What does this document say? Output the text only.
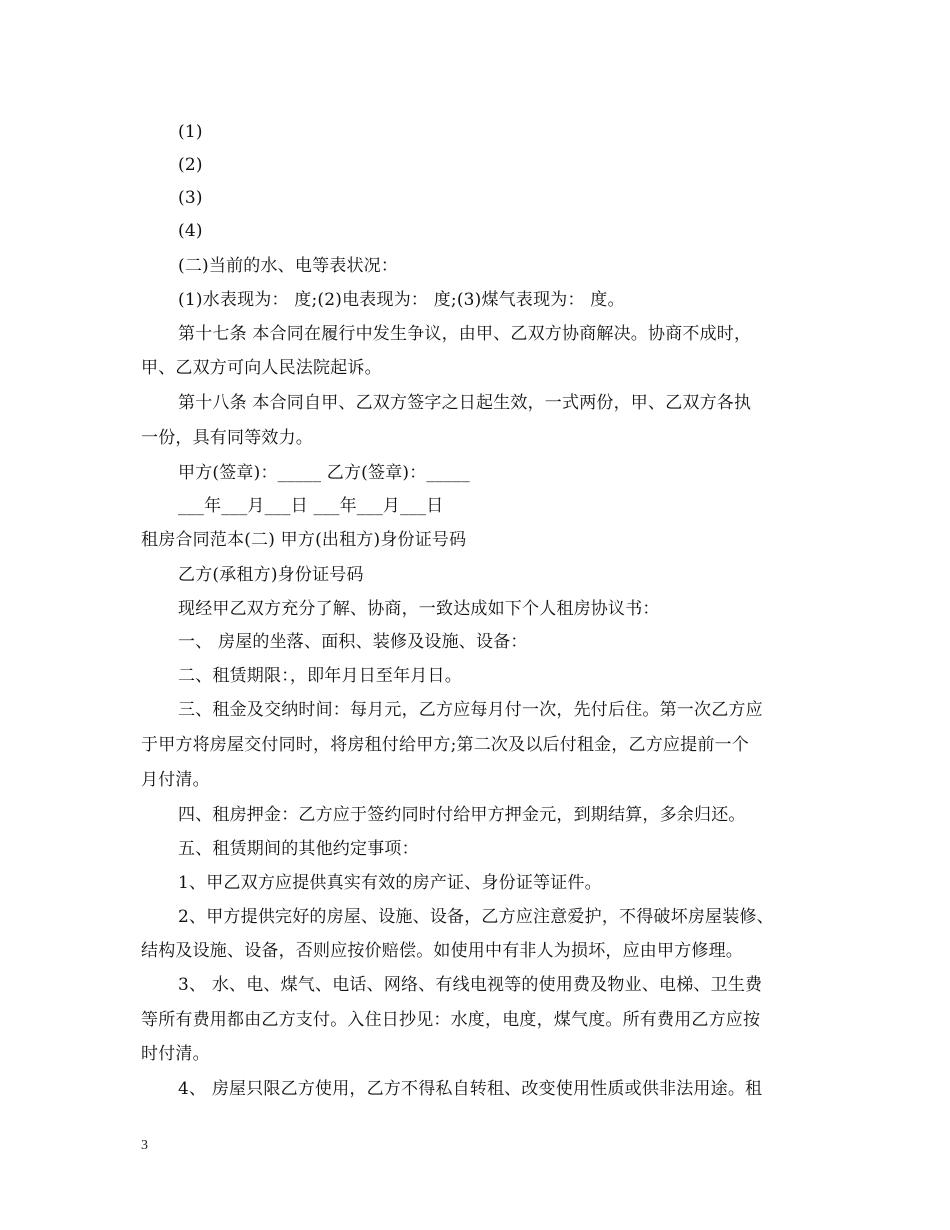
(1)
(2)
(3)
(4)
(二)当前的水、电等表状况：
(1)水表现为： 度;(2)电表现为： 度;(3)煤气表现为： 度。
第十七条 本合同在履行中发生争议，由甲、乙双方协商解决。协商不成时，
甲、乙双方可向人民法院起诉。
第十八条 本合同自甲、乙双方签字之日起生效，一式两份，甲、乙双方各执
一份，具有同等效力。
甲方(签章)：_____ 乙方(签章)：_____
___年___月___日 ___年___月___日
租房合同范本(二) 甲方(出租方)身份证号码
乙方(承租方)身份证号码
现经甲乙双方充分了解、协商，一致达成如下个人租房协议书：
一、 房屋的坐落、面积、装修及设施、设备：
二、租赁期限：，即年月日至年月日。
三、租金及交纳时间：每月元，乙方应每月付一次，先付后住。第一次乙方应
于甲方将房屋交付同时，将房租付给甲方;第二次及以后付租金，乙方应提前一个
月付清。
四、租房押金：乙方应于签约同时付给甲方押金元，到期结算，多余归还。
五、租赁期间的其他约定事项：
1、甲乙双方应提供真实有效的房产证、身份证等证件。
2、甲方提供完好的房屋、设施、设备，乙方应注意爱护，不得破坏房屋装修、
结构及设施、设备，否则应按价赔偿。如使用中有非人为损坏，应由甲方修理。
3、 水、电、煤气、电话、网络、有线电视等的使用费及物业、电梯、卫生费
等所有费用都由乙方支付。入住日抄见：水度，电度，煤气度。所有费用乙方应按
时付清。
4、 房屋只限乙方使用，乙方不得私自转租、改变使用性质或供非法用途。租
3
